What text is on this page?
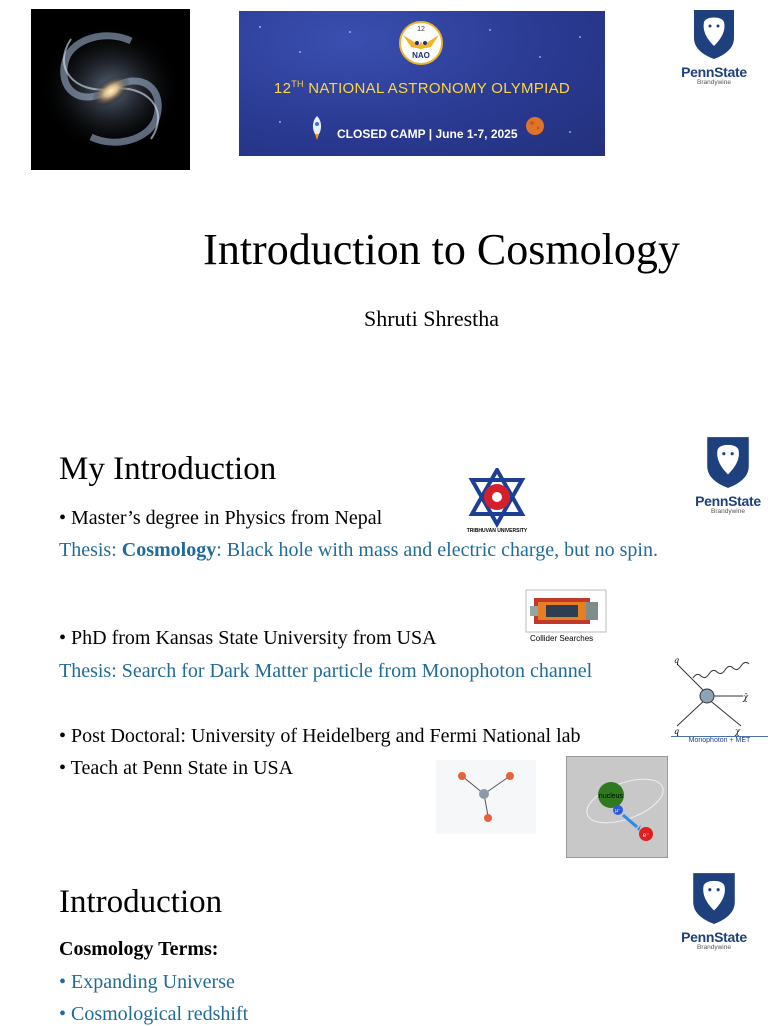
12
NAO
12TH NATIONAL ASTRONOMY OLYMPIAD
CLOSED CAMP | June 1-7, 2025
PennState
Brandywine
Introduction to Cosmology
Shruti Shrestha
My Introduction
PennState
Brandywine
TRIBHUVAN UNIVERSITY
• Master’s degree in Physics from Nepal
Thesis: Cosmology: Black hole with mass and electric charge, but no spin.
Collider Searches
• PhD from Kansas State University from USA
Thesis: Search for Dark Matter particle from Monophoton channel	q
χ̄
q	χ
Monophoton + MET
• Post Doctoral: University of Heidelberg and Fermi National lab
• Teach at Penn State in USA
nucleus
μ⁻
e⁻
Introduction
PennState
Brandywine
Cosmology Terms:
• Expanding Universe
• Cosmological redshift
